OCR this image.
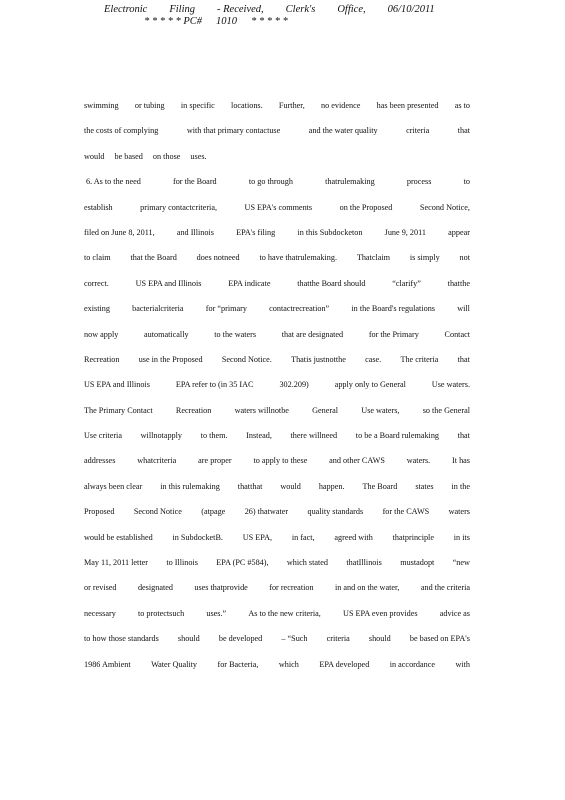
Electronic Filing - Received, Clerk's Office, 06/10/2011
* * * * * PC# 1010 * * * * *
swimming or tubing in specific locations. Further, no evidence has been presented as to
the costs of complying	with that primary contactuse	and the water quality	criteria	that
would be based on those uses.
6. As to the need	for the Board	to go through	thatrulemaking	process	to
establish	primary contactcriteria,	US EPA's comments	on the Proposed	Second Notice,
filed on June 8, 2011,	and Illinois	EPA's filing	in this Subdocketon	June 9, 2011	appear
to claim that the Board does notneed to have thatrulemaking. Thatclaim is simply not
correct.	US EPA and Illinois	EPA indicate	thatthe Board should	“clarify”	thatthe
existing	bacterialcriteria	for “primary	contactrecreation”	in the Board's regulations	will
now apply	automatically	to the waters	that are designated	for the Primary	Contact
Recreation use in the Proposed Second Notice. Thatis justnotthe case. The criteria that
US EPA and Illinois	EPA refer to (in 35 IAC	302.209)	apply only to General	Use waters.
The Primary Contact	Recreation	waters willnotbe	General	Use waters,	so the General
Use criteria willnotapply to them. Instead, there willneed to be a Board rulemaking that
addresses	whatcriteria	are proper	to apply to these	and other CAWS	waters.	It has
always been clear in this rulemaking thatthat would happen. The Board states in the
Proposed Second Notice (atpage 26) thatwater quality standards for the CAWS waters
would be established in SubdocketB. US EPA, in fact, agreed with thatprinciple in its
May 11, 2011 letter to Illinois EPA (PC #584), which stated thatIllinois mustadopt “new
or revised	designated	uses thatprovide	for recreation	in and on the water,	and the criteria
necessary	to protectsuch	uses.”	As to the new criteria,	US EPA even provides	advice as
to how those standards should be developed – “Such criteria should be based on EPA's
1986 Ambient Water Quality for Bacteria, which EPA developed in accordance with
